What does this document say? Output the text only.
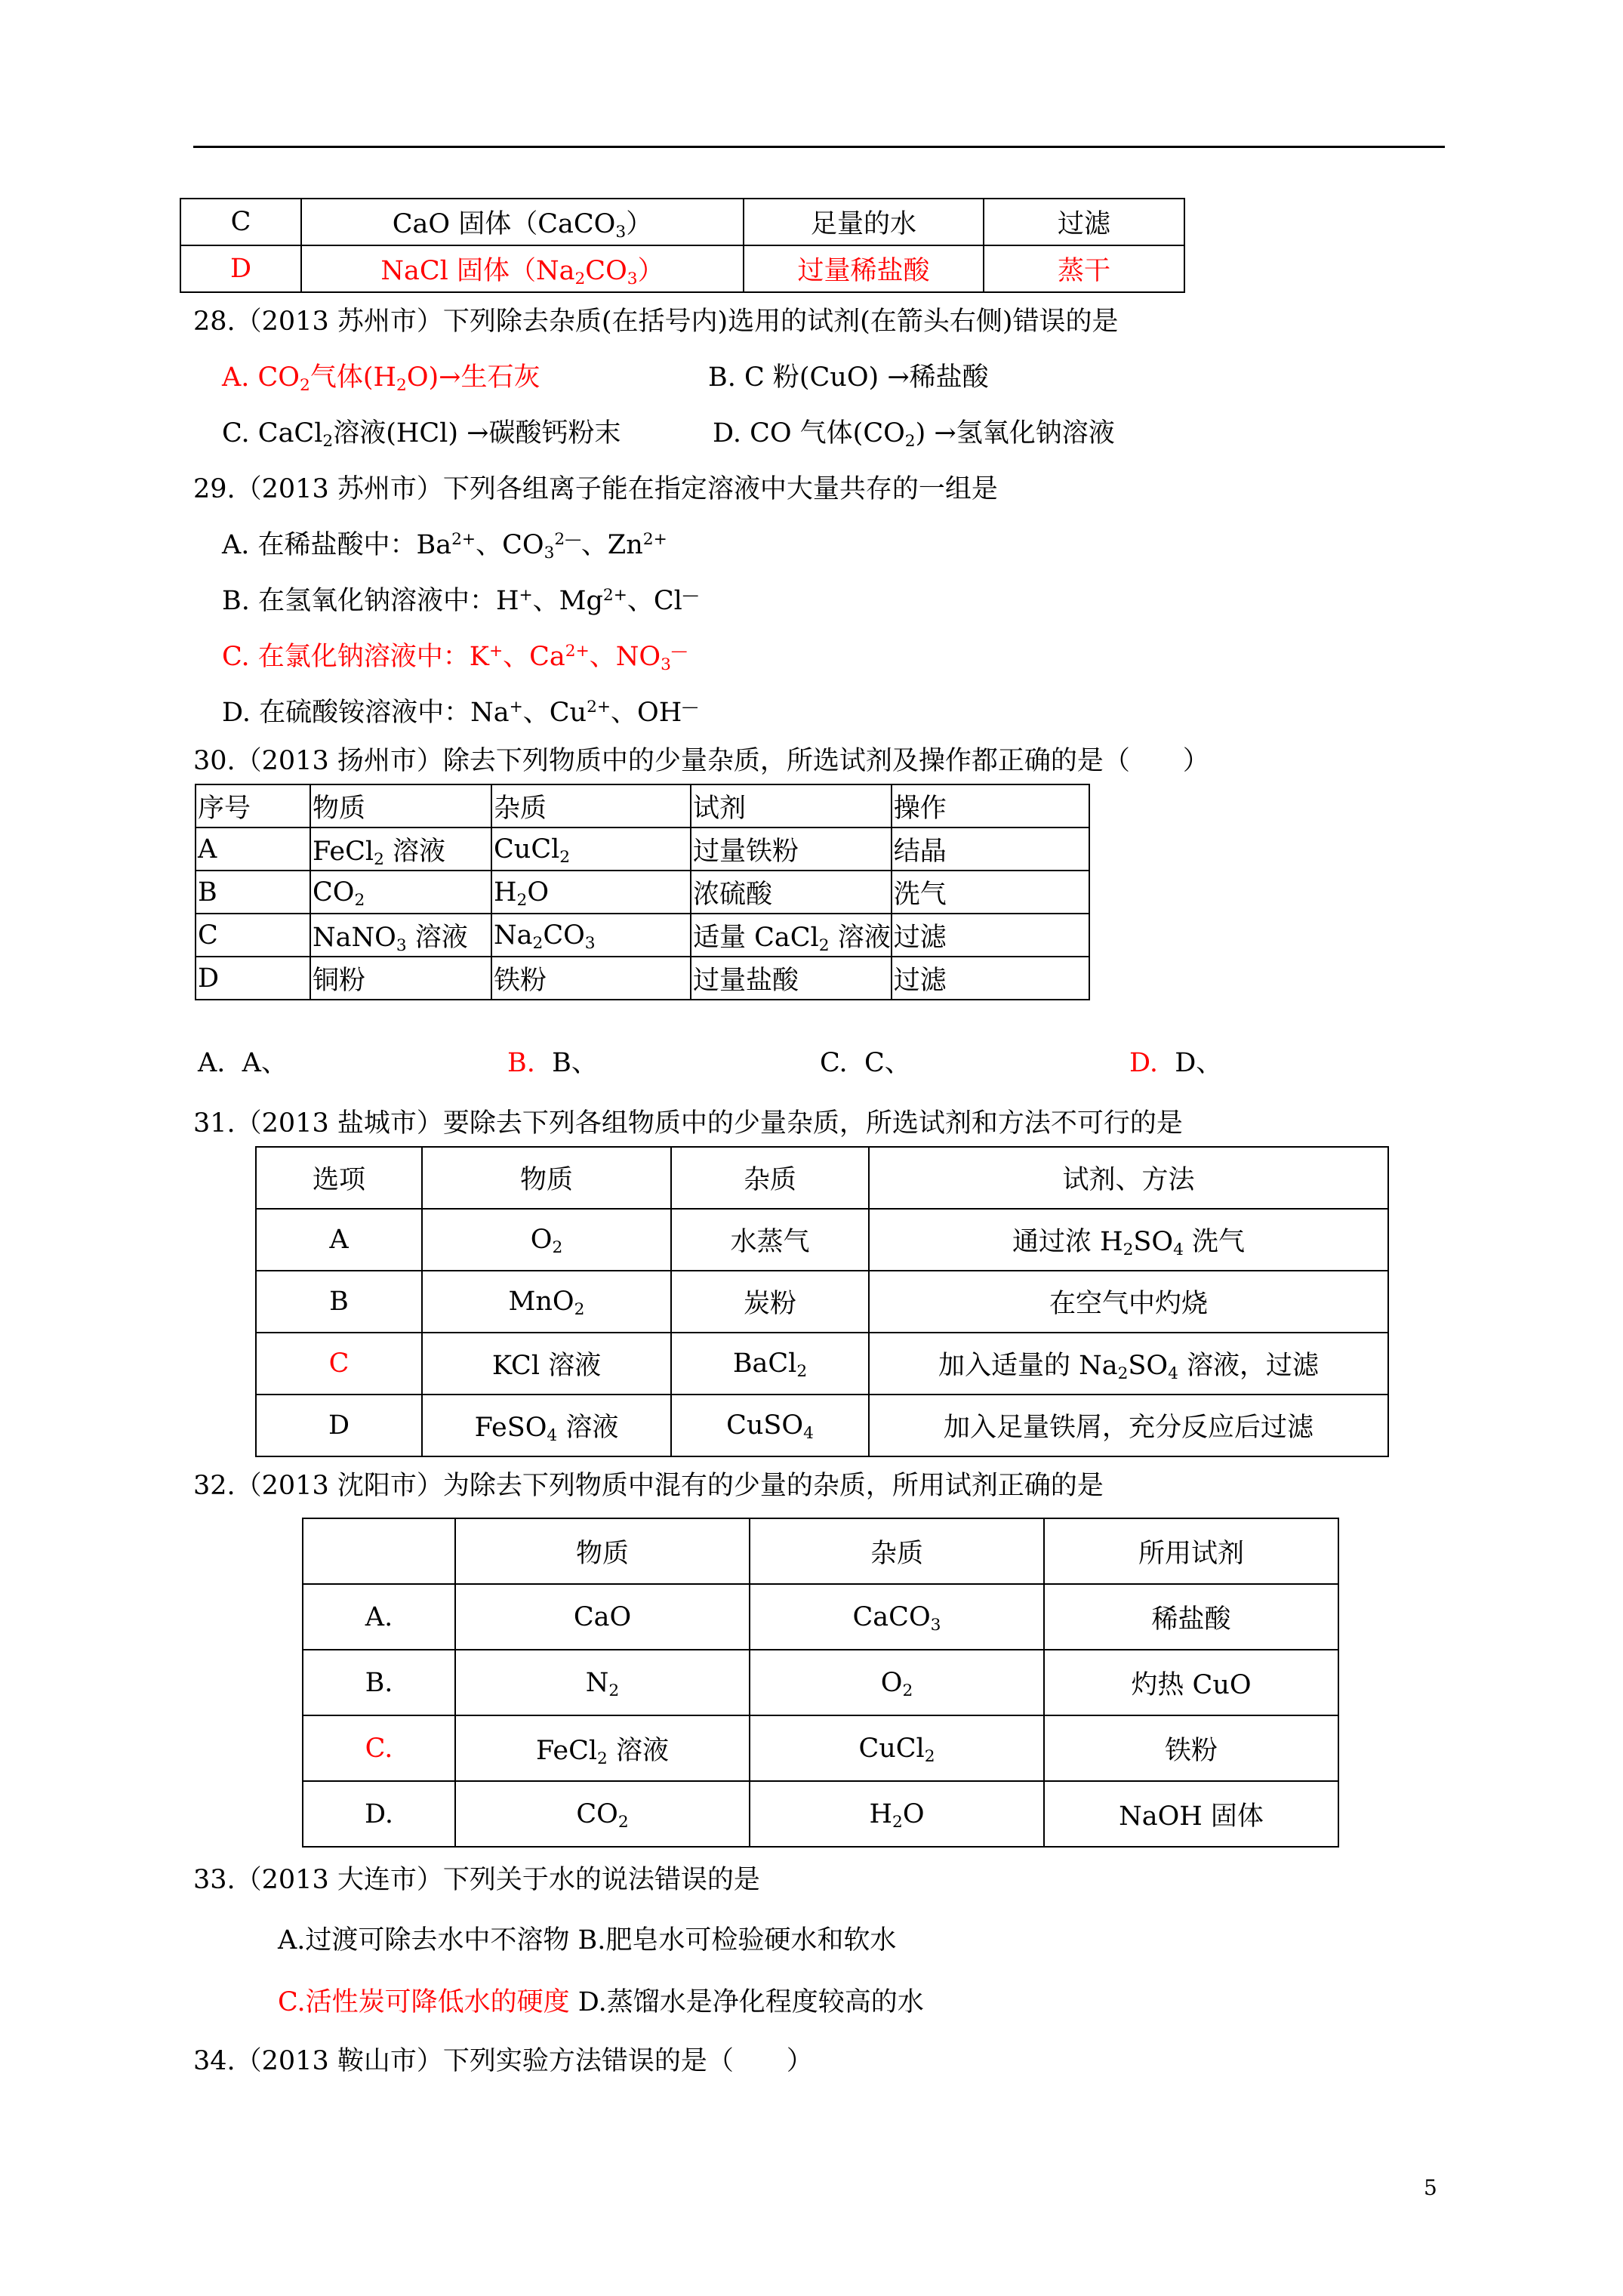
C	CaO 固体（CaCO$_3$）	足量的水	过滤
D	NaCl 固体$(Na_2CO_3)$	过量稀盐酸	蒸干
28.（2013 苏州市）下列除去杂质(在括号内)选用的试剂(在箭头右侧)错误的是
A. $CO_2$气体$(H_2O)\to$生石灰	B. C 粉(CuO) →稀盐酸
C. CaCl$_2$溶液(HCl) →碳酸钙粉末	D. CO 气体$(CO_2)$ →氢氧化钠溶液
29.（2013 苏州市）下列各组离子能在指定溶液中大量共存的一组是
A. 在稀盐酸中：$Ba^{2+}$、$CO_3^{2—}$、$Zn^{2+}$
B. 在氢氧化钠溶液中：H+、$Mg^{2+}$、Cl—
C. 在氯化钠溶液中：K+、$Ca^{2+}$、$NO_3^—$
D. 在硫酸铵溶液中：Na+、$Cu^{2+}$、OH—
30.（2013 扬州市）除去下列物质中的少量杂质，所选试剂及操作都正确的是（　　）
序号	物质	杂质	试剂	操作
A	FeCl$_2$ 溶液	CuCl$_2$	过量铁粉	结晶
B	$CO_2$	$H_2O$	浓硫酸	洗气
C	NaNO$_3$ 溶液	$Na_2CO_3$	适量 CaCl$_2$ 溶液	过滤
D	铜粉	铁粉	过量盐酸	过滤
A. A、	B. B、	C. C、	D. D、
31.（2013 盐城市）要除去下列各组物质中的少量杂质，所选试剂和方法不可行的是
选项	物质	杂质	试剂、方法
A	$O_2$	水蒸气	通过浓 $H_2SO_4$ 洗气
B	MnO$_2$	炭粉	在空气中灼烧
C	KCl 溶液	BaCl$_2$	加入适量的 $Na_2SO_4$ 溶液，过滤
D	FeSO$_4$ 溶液	CuSO$_4$	加入足量铁屑，充分反应后过滤
32.（2013 沈阳市）为除去下列物质中混有的少量的杂质，所用试剂正确的是
	物质	杂质	所用试剂
A.	CaO	CaCO$_3$	稀盐酸
B.	$N_2$	$O_2$	灼热 CuO
C.	FeCl$_2$ 溶液	CuCl$_2$	铁粉
D.	$CO_2$	$H_2O$	NaOH 固体
33.（2013 大连市）下列关于水的说法错误的是
A.过渡可除去水中不溶物 B.肥皂水可检验硬水和软水
C.活性炭可降低水的硬度 D.蒸馏水是净化程度较高的水
34.（2013 鞍山市）下列实验方法错误的是（　　）
5
